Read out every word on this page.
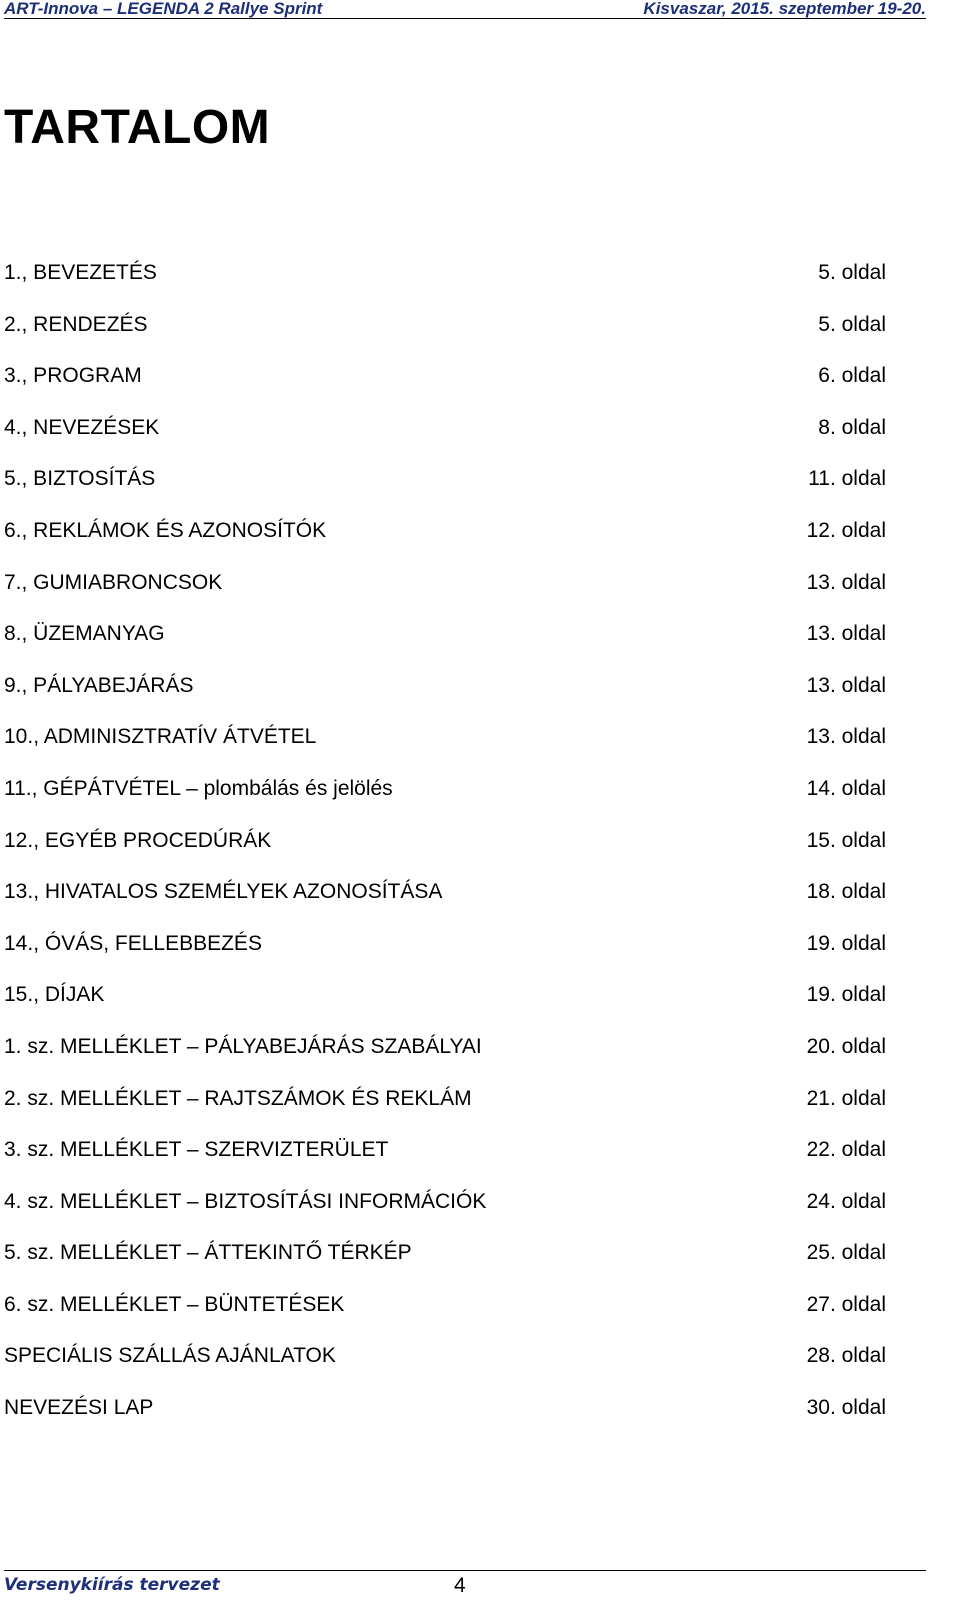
ART-Innova – LEGENDA 2 Rallye Sprint	Kisvaszar, 2015. szeptember 19-20.
TARTALOM
1., BEVEZETÉS	5. oldal
2., RENDEZÉS	5. oldal
3., PROGRAM	6. oldal
4., NEVEZÉSEK	8. oldal
5., BIZTOSÍTÁS	11. oldal
6., REKLÁMOK ÉS AZONOSÍTÓK	12. oldal
7., GUMIABRONCSOK	13. oldal
8., ÜZEMANYAG	13. oldal
9., PÁLYABEJÁRÁS	13. oldal
10., ADMINISZTRATÍV ÁTVÉTEL	13. oldal
11., GÉPÁTVÉTEL – plombálás és jelölés	14. oldal
12., EGYÉB PROCEDÚRÁK	15. oldal
13., HIVATALOS SZEMÉLYEK AZONOSÍTÁSA	18. oldal
14., ÓVÁS, FELLEBBEZÉS	19. oldal
15., DÍJAK	19. oldal
1. sz. MELLÉKLET – PÁLYABEJÁRÁS SZABÁLYAI	20. oldal
2. sz. MELLÉKLET – RAJTSZÁMOK ÉS REKLÁM	21. oldal
3. sz. MELLÉKLET – SZERVIZTERÜLET	22. oldal
4. sz. MELLÉKLET – BIZTOSÍTÁSI INFORMÁCIÓK	24. oldal
5. sz. MELLÉKLET – ÁTTEKINTŐ TÉRKÉP	25. oldal
6. sz. MELLÉKLET – BÜNTETÉSEK	27. oldal
SPECIÁLIS SZÁLLÁS AJÁNLATOK	28. oldal
NEVEZÉSI LAP	30. oldal
Versenykiírás tervezet	4
